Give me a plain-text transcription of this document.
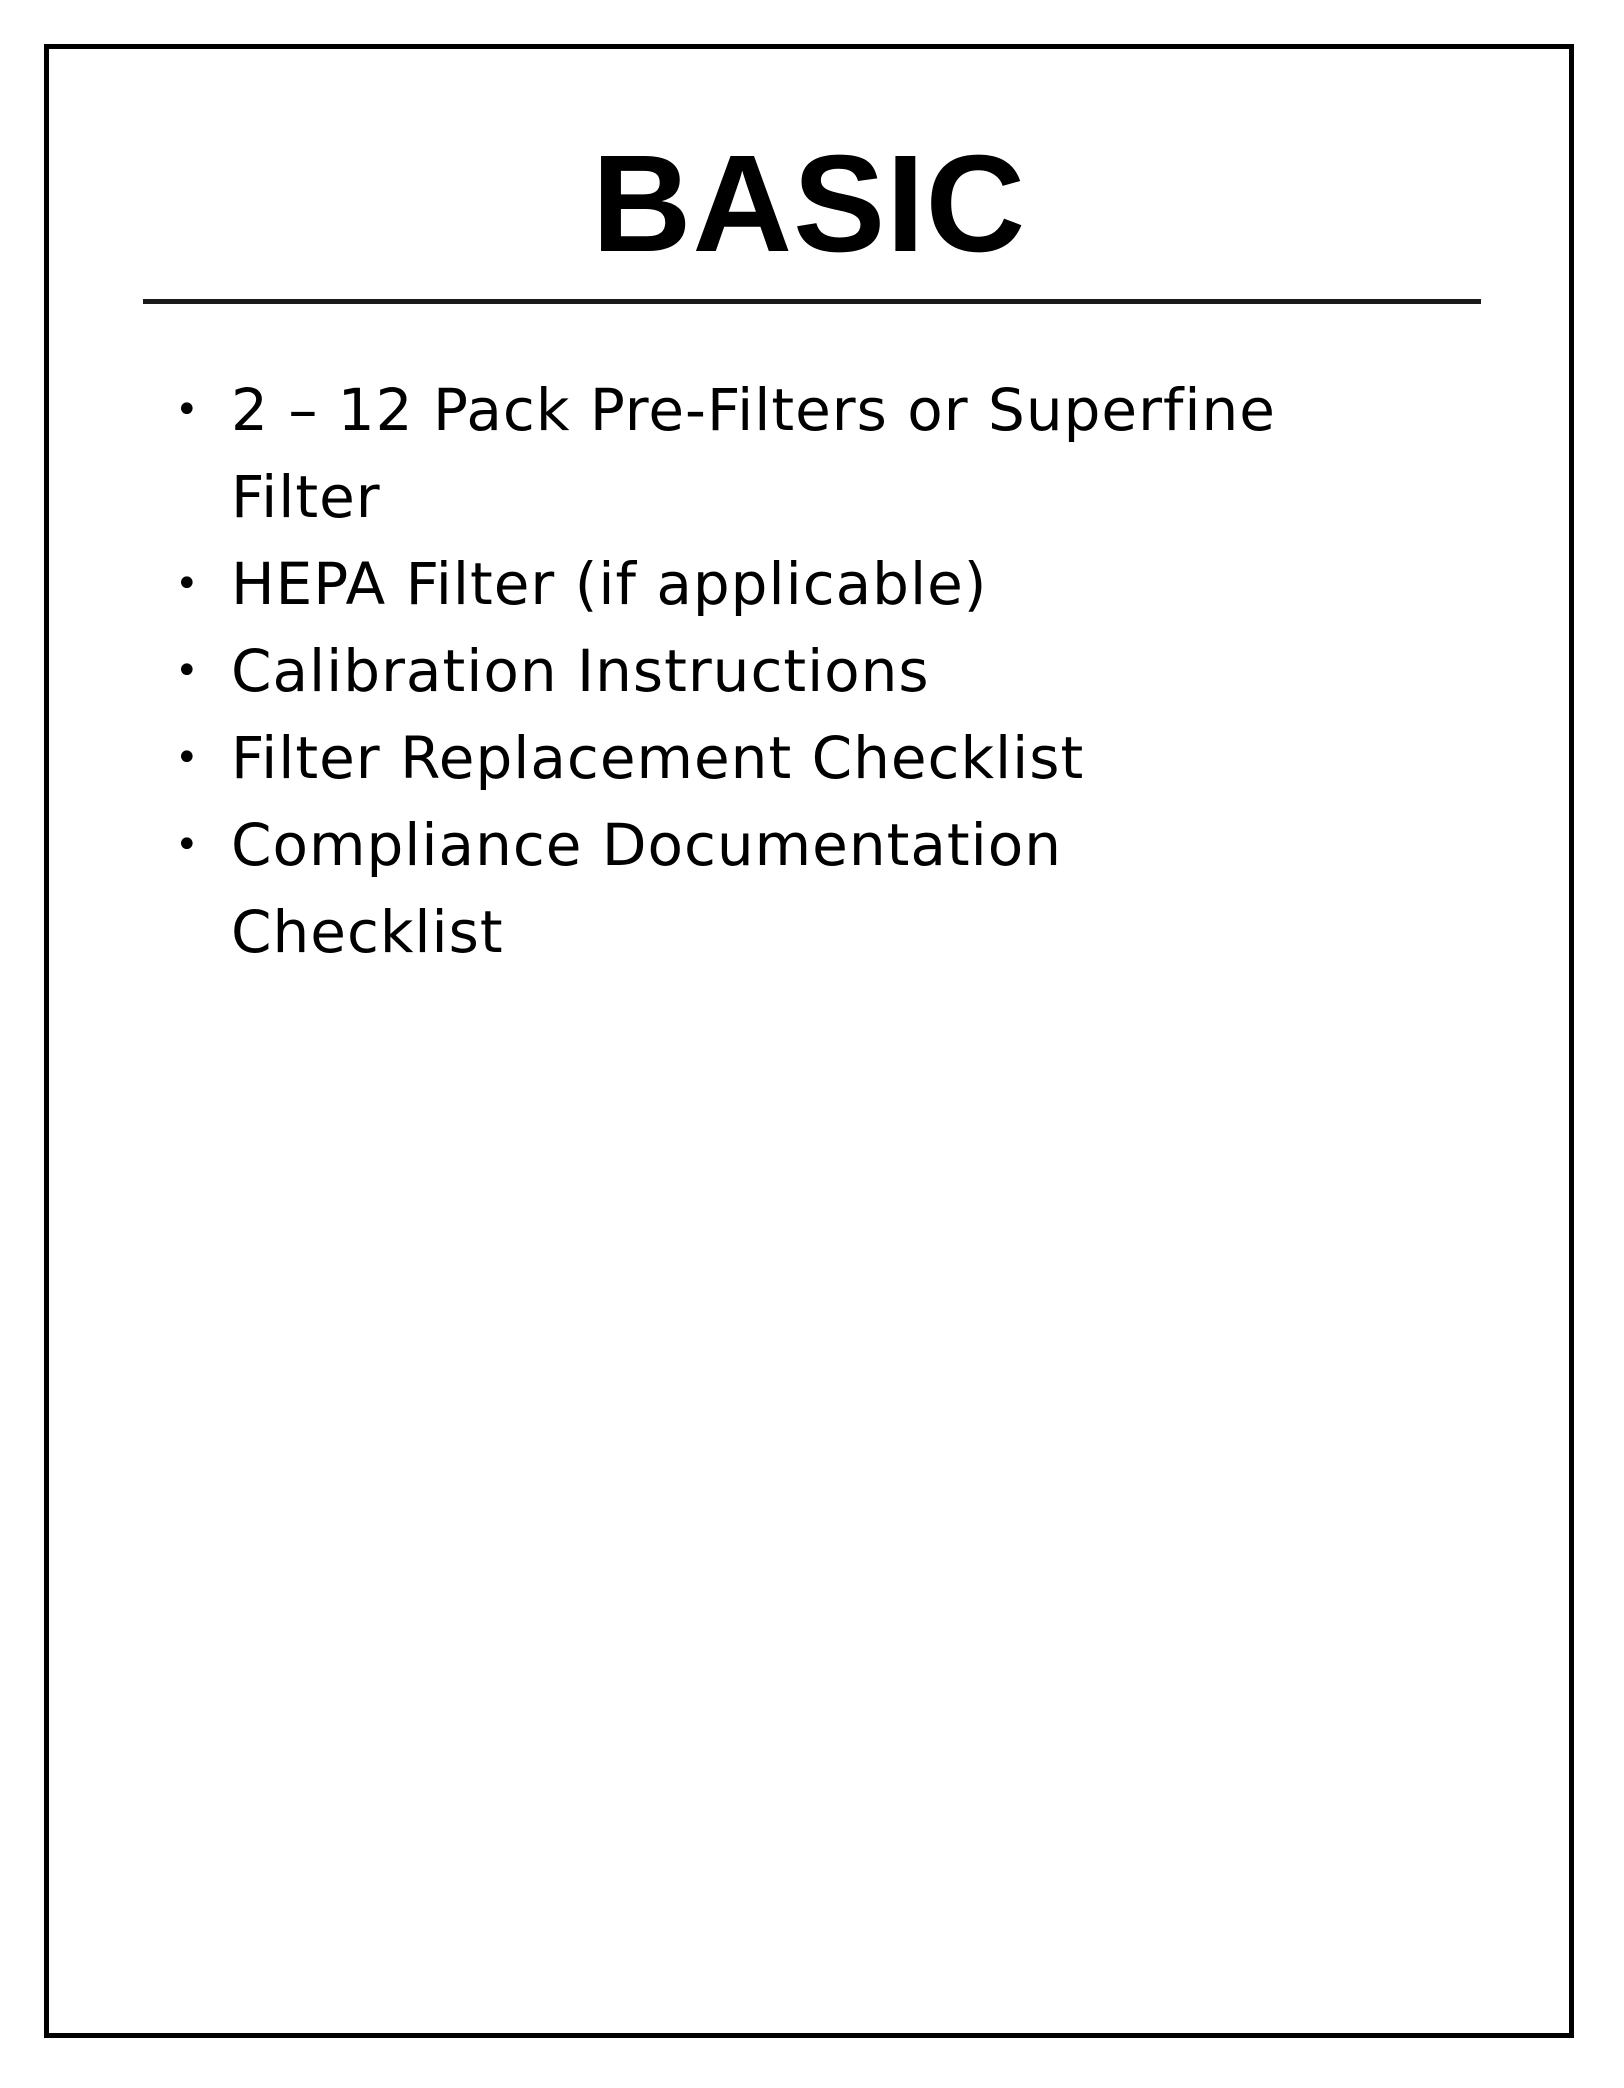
BASIC
• 2 – 12 Pack Pre-Filters or Superfine Filter
• HEPA Filter (if applicable)
• Calibration Instructions
• Filter Replacement Checklist
• Compliance Documentation Checklist
